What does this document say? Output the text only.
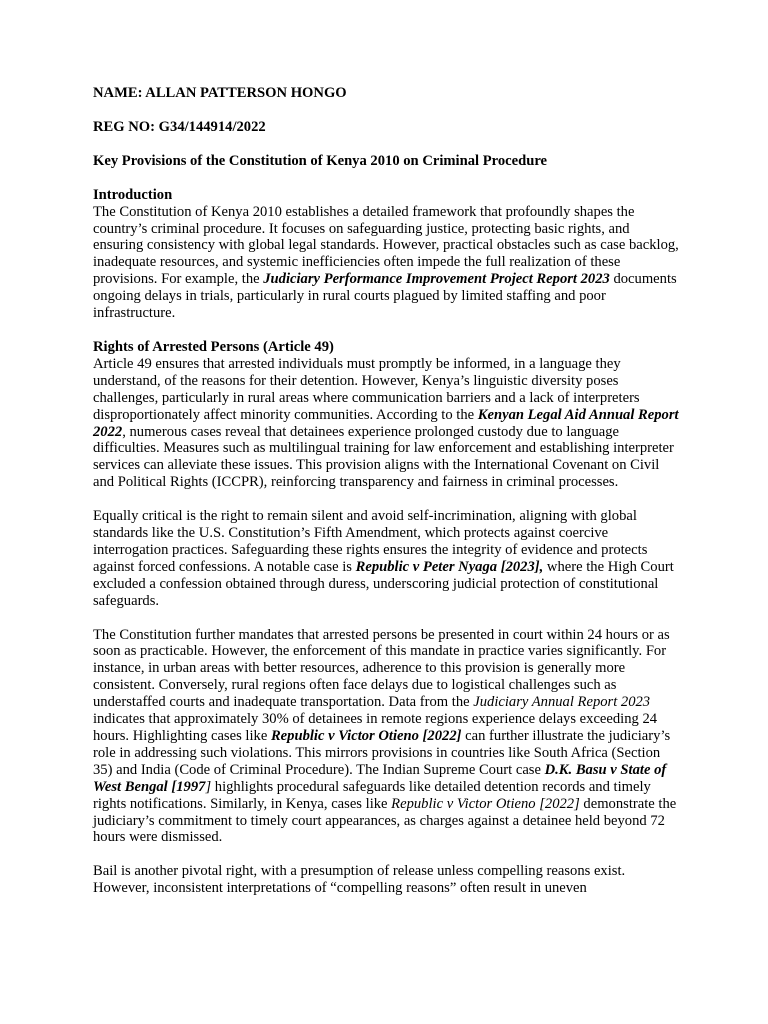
NAME: ALLAN PATTERSON HONGO

REG NO: G34/144914/2022

Key Provisions of the Constitution of Kenya 2010 on Criminal Procedure

Introduction

The Constitution of Kenya 2010 establishes a detailed framework that profoundly shapes the country’s criminal procedure. It focuses on safeguarding justice, protecting basic rights, and ensuring consistency with global legal standards. However, practical obstacles such as case backlog, inadequate resources, and systemic inefficiencies often impede the full realization of these provisions. For example, the Judiciary Performance Improvement Project Report 2023 documents ongoing delays in trials, particularly in rural courts plagued by limited staffing and poor infrastructure.

Rights of Arrested Persons (Article 49)

Article 49 ensures that arrested individuals must promptly be informed, in a language they understand, of the reasons for their detention. However, Kenya’s linguistic diversity poses challenges, particularly in rural areas where communication barriers and a lack of interpreters disproportionately affect minority communities. According to the Kenyan Legal Aid Annual Report 2022, numerous cases reveal that detainees experience prolonged custody due to language difficulties. Measures such as multilingual training for law enforcement and establishing interpreter services can alleviate these issues. This provision aligns with the International Covenant on Civil and Political Rights (ICCPR), reinforcing transparency and fairness in criminal processes.

Equally critical is the right to remain silent and avoid self-incrimination, aligning with global standards like the U.S. Constitution’s Fifth Amendment, which protects against coercive interrogation practices. Safeguarding these rights ensures the integrity of evidence and protects against forced confessions. A notable case is Republic v Peter Nyaga [2023], where the High Court excluded a confession obtained through duress, underscoring judicial protection of constitutional safeguards.

The Constitution further mandates that arrested persons be presented in court within 24 hours or as soon as practicable. However, the enforcement of this mandate in practice varies significantly. For instance, in urban areas with better resources, adherence to this provision is generally more consistent. Conversely, rural regions often face delays due to logistical challenges such as understaffed courts and inadequate transportation. Data from the Judiciary Annual Report 2023 indicates that approximately 30% of detainees in remote regions experience delays exceeding 24 hours. Highlighting cases like Republic v Victor Otieno [2022] can further illustrate the judiciary’s role in addressing such violations. This mirrors provisions in countries like South Africa (Section 35) and India (Code of Criminal Procedure). The Indian Supreme Court case D.K. Basu v State of West Bengal [1997] highlights procedural safeguards like detailed detention records and timely rights notifications. Similarly, in Kenya, cases like Republic v Victor Otieno [2022] demonstrate the judiciary’s commitment to timely court appearances, as charges against a detainee held beyond 72 hours were dismissed.

Bail is another pivotal right, with a presumption of release unless compelling reasons exist. However, inconsistent interpretations of “compelling reasons” often result in uneven
